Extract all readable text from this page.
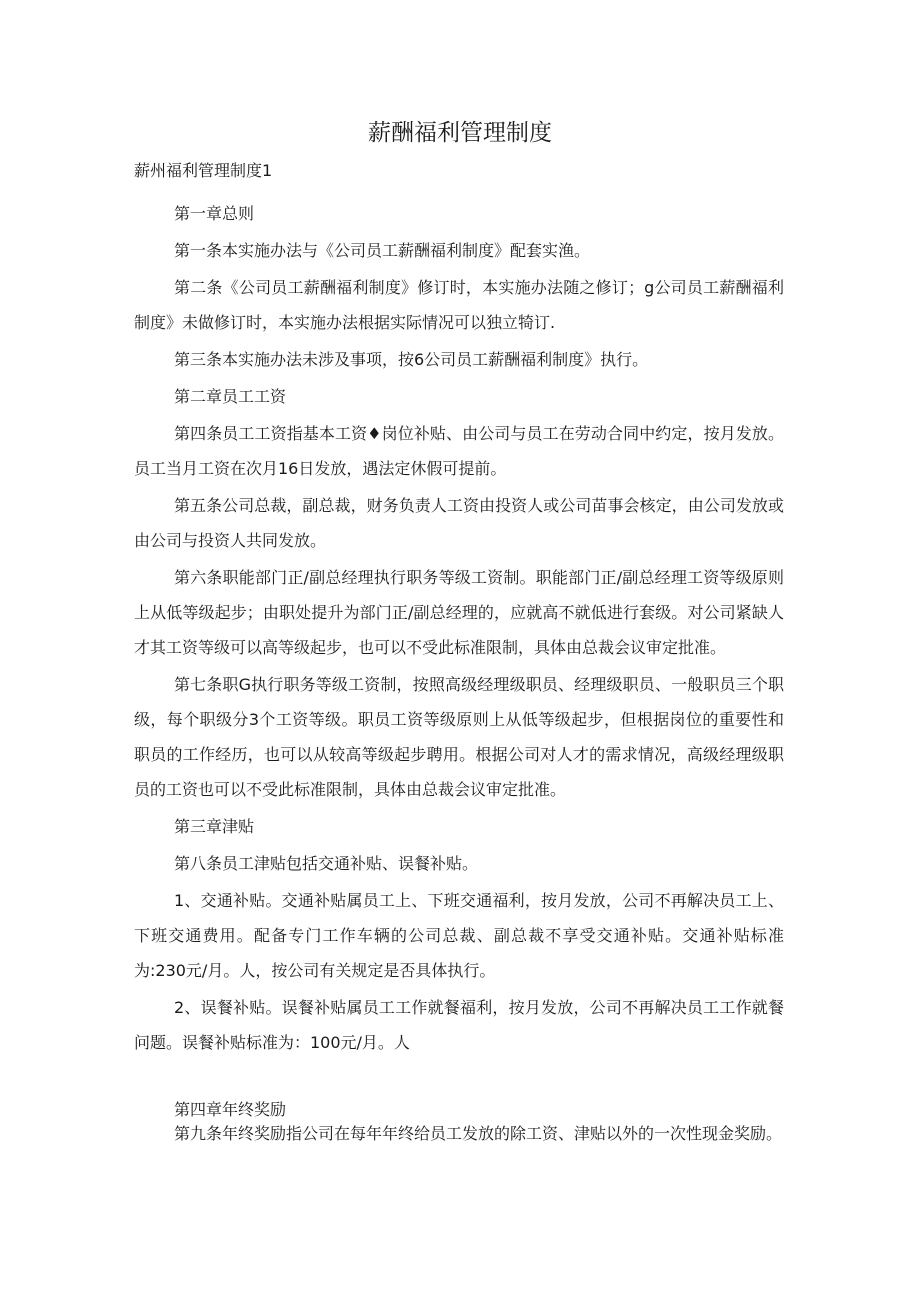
薪酬福利管理制度

薪州福利管理制度1

第一章总则

第一条本实施办法与《公司员工薪酬福利制度》配套实渔。

第二条《公司员工薪酬福利制度》修订时，本实施办法随之修订；g公司员工薪酬福利制度》未做修订时，本实施办法根据实际情况可以独立犄订.

第三条本实施办法未涉及事项，按6公司员工薪酬福利制度》执行。

第二章员工工资

第四条员工工资指基本工资♦岗位补贴、由公司与员工在劳动合同中约定，按月发放。员工当月工资在次月16日发放，遇法定休假可提前。

第五条公司总裁，副总裁，财务负责人工资由投资人或公司苗事会核定，由公司发放或由公司与投资人共同发放。

第六条职能部门正/副总经理执行职务等级工资制。职能部门正/副总经理工资等级原则上从低等级起步；由职处提升为部门正/副总经理的，应就高不就低进行套级。对公司紧缺人才其工资等级可以高等级起步，也可以不受此标准限制，具体由总裁会议审定批准。

第七条职G执行职务等级工资制，按照高级经理级职员、经理级职员、一般职员三个职级，每个职级分3个工资等级。职员工资等级原则上从低等级起步，但根据岗位的重要性和职员的工作经历，也可以从较高等级起步聘用。根据公司对人才的需求情况，高级经理级职员的工资也可以不受此标准限制，具体由总裁会议审定批准。

第三章津贴

第八条员工津贴包括交通补贴、误餐补贴。

1、交通补贴。交通补贴属员工上、下班交通福利，按月发放，公司不再解决员工上、下班交通费用。配备专门工作车辆的公司总裁、副总裁不享受交通补贴。交通补贴标准为:230元/月。人，按公司有关规定是否具体执行。

2、误餐补贴。误餐补贴属员工工作就餐福利，按月发放，公司不再解决员工工作就餐问题。误餐补贴标准为：100元/月。人

第四章年终奖励

第九条年终奖励指公司在每年年终给员工发放的除工资、津贴以外的一次性现金奖励。
